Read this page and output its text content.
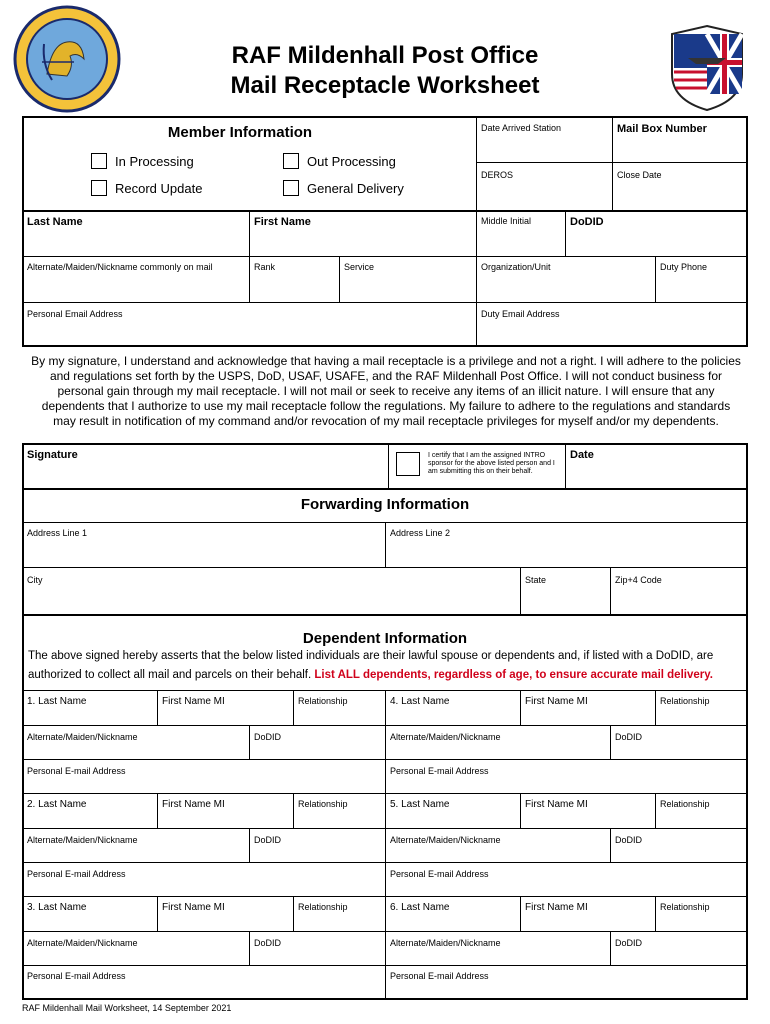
RAF Mildenhall Post Office
Mail Receptacle Worksheet
Member Information
In Processing	Out Processing
Record Update	General Delivery
Date Arrived Station	Mail Box Number
DEROS	Close Date
Last Name	First Name	Middle Initial	DoDID
Alternate/Maiden/Nickname commonly on mail	Rank	Service	Organization/Unit	Duty Phone
Personal Email Address	Duty Email Address
By my signature, I understand and acknowledge that having a mail receptacle is a privilege and not a right. I will adhere to the policies and regulations set forth by the USPS, DoD, USAF, USAFE, and the RAF Mildenhall Post Office. I will not conduct business for personal gain through my mail receptacle. I will not mail or seek to receive any items of an illicit nature. I will ensure that any dependents that I authorize to use my mail receptacle follow the regulations. My failure to adhere to the regulations and standards may result in notification of my command and/or revocation of my mail receptacle privileges for myself and/or my dependents.
Signature	I certify that I am the assigned INTRO sponsor for the above listed person and I am submitting this on their behalf.
Date
Forwarding Information
Address Line 1	Address Line 2
City	State	Zip+4 Code
Dependent Information
The above signed hereby asserts that the below listed individuals are their lawful spouse or dependents and, if listed with a DoDID, are authorized to collect all mail and parcels on their behalf. List ALL dependents, regardless of age, to ensure accurate mail delivery.
1. Last Name	First Name MI	Relationship
Alternate/Maiden/Nickname	DoDID
Personal E-mail Address
2. Last Name	First Name MI	Relationship
Alternate/Maiden/Nickname	DoDID
Personal E-mail Address
3. Last Name	First Name MI	Relationship
Alternate/Maiden/Nickname	DoDID
Personal E-mail Address
4. Last Name	First Name MI	Relationship
Alternate/Maiden/Nickname	DoDID
Personal E-mail Address
5. Last Name	First Name MI	Relationship
Alternate/Maiden/Nickname	DoDID
Personal E-mail Address
6. Last Name	First Name MI	Relationship
Alternate/Maiden/Nickname	DoDID
Personal E-mail Address
RAF Mildenhall Mail Worksheet, 14 September 2021
